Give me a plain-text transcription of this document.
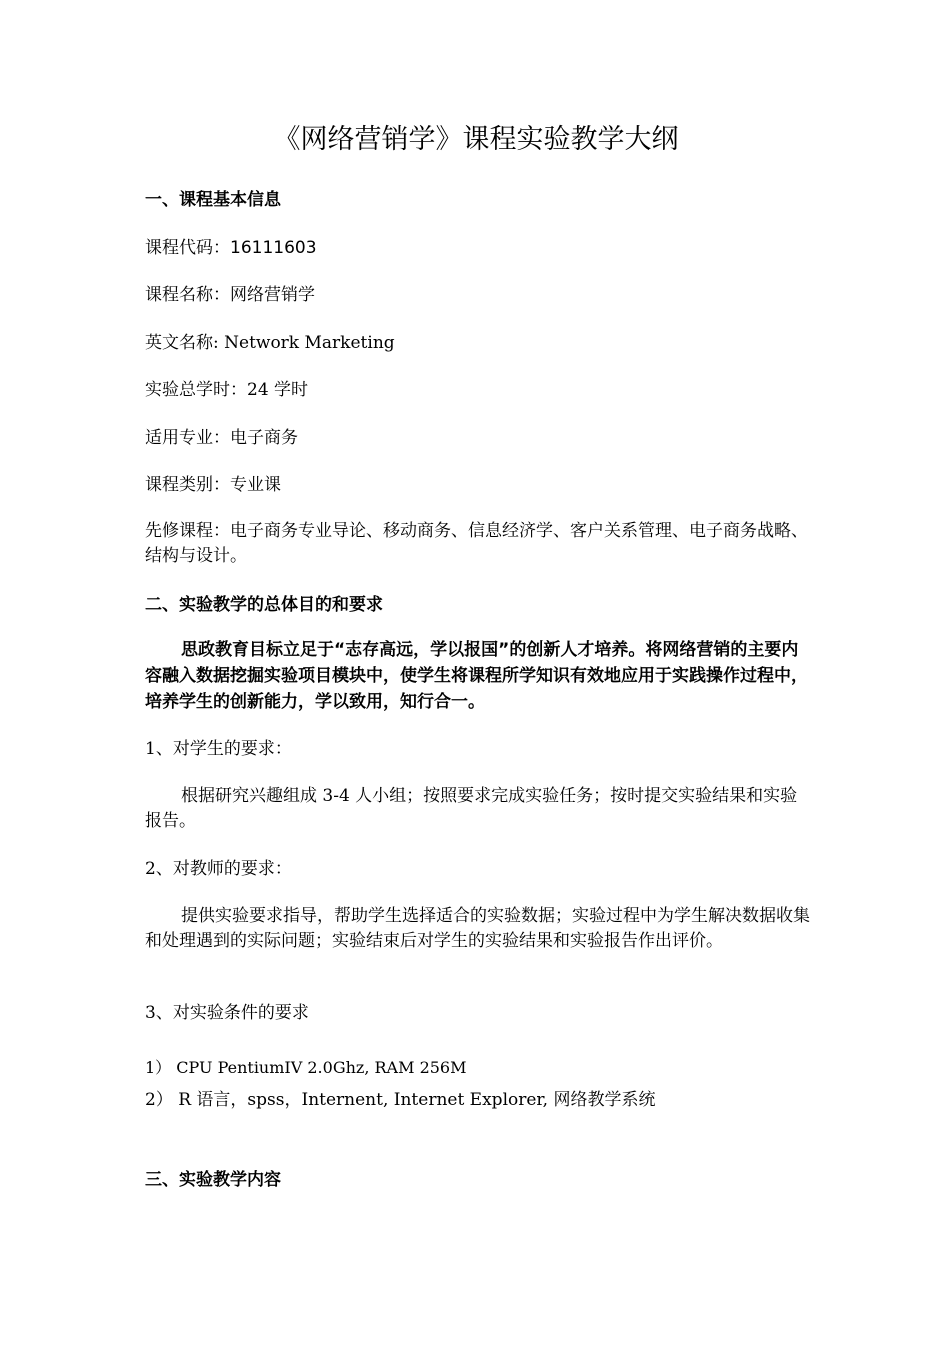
《网络营销学》课程实验教学大纲
一、课程基本信息
课程代码：16111603
课程名称：网络营销学
英文名称: Network Marketing
实验总学时：24 学时
适用专业：电子商务
课程类别：专业课
先修课程：电子商务专业导论、移动商务、信息经济学、客户关系管理、电子商务战略、结构与设计。
二、实验教学的总体目的和要求
思政教育目标立足于“志存高远，学以报国”的创新人才培养。将网络营销的主要内容融入数据挖掘实验项目模块中，使学生将课程所学知识有效地应用于实践操作过程中，培养学生的创新能力，学以致用，知行合一。
1、对学生的要求：
根据研究兴趣组成 3-4 人小组；按照要求完成实验任务；按时提交实验结果和实验报告。
2、对教师的要求：
提供实验要求指导，帮助学生选择适合的实验数据；实验过程中为学生解决数据收集和处理遇到的实际问题；实验结束后对学生的实验结果和实验报告作出评价。
3、对实验条件的要求
1） CPU PentiumIV 2.0Ghz, RAM 256M
2） R 语言，spss，Internent, Internet Explorer, 网络教学系统
三、实验教学内容
